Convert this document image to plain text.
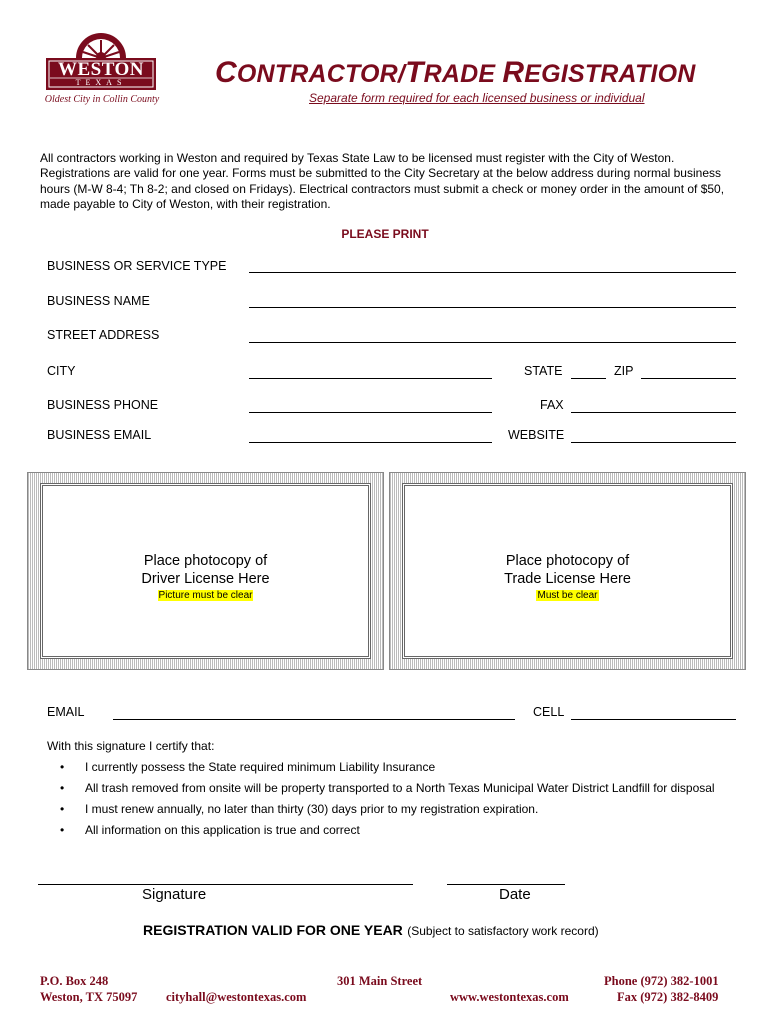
WESTON
TEXAS
Oldest City in Collin County
CONTRACTOR/TRADE REGISTRATION
Separate form required for each licensed business or individual
All contractors working in Weston and required by Texas State Law to be licensed must register with the City of Weston. Registrations are valid for one year. Forms must be submitted to the City Secretary at the below address during normal business hours (M-W 8-4; Th 8-2; and closed on Fridays). Electrical contractors must submit a check or money order in the amount of $50, made payable to City of Weston, with their registration.
PLEASE PRINT
BUSINESS OR SERVICE TYPE
BUSINESS NAME
STREET ADDRESS
CITY	STATE	ZIP
BUSINESS PHONE	FAX
BUSINESS EMAIL	WEBSITE
Place photocopy of
Driver License Here
Picture must be clear
Place photocopy of
Trade License Here
Must be clear
EMAIL	CELL
With this signature I certify that:
• I currently possess the State required minimum Liability Insurance
• All trash removed from onsite will be property transported to a North Texas Municipal Water District Landfill for disposal
• I must renew annually, no later than thirty (30) days prior to my registration expiration.
• All information on this application is true and correct
Signature	Date
REGISTRATION VALID FOR ONE YEAR (Subject to satisfactory work record)
P.O. Box 248
Weston, TX 75097
301 Main Street
cityhall@westontexas.com	www.westontexas.com
Phone (972) 382-1001
Fax (972) 382-8409
